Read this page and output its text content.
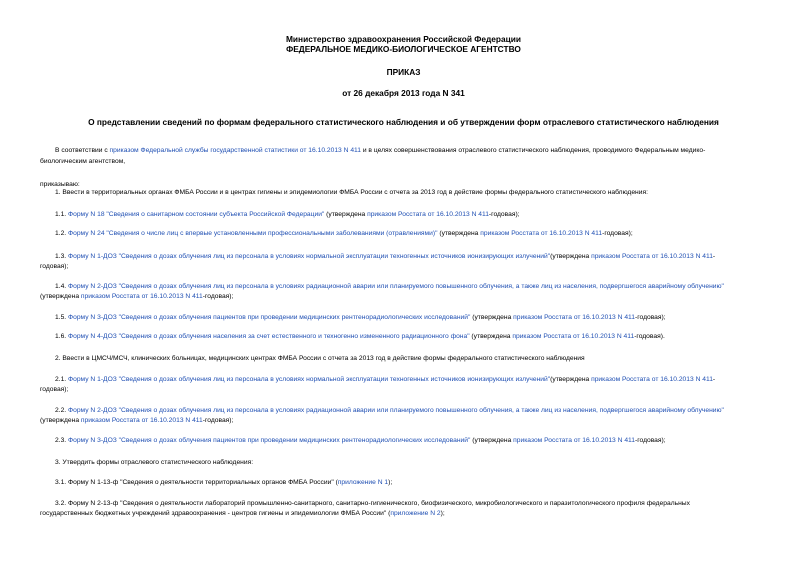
Министерство здравоохранения Российской Федерации
ФЕДЕРАЛЬНОЕ МЕДИКО-БИОЛОГИЧЕСКОЕ АГЕНТСТВО
ПРИКАЗ
от 26 декабря 2013 года N 341
О представлении сведений по формам федерального статистического наблюдения и об утверждении форм отраслевого статистического наблюдения
В соответствии с приказом Федеральной службы государственной статистики от 16.10.2013 N 411 и в целях совершенствования отраслевого статистического наблюдения, проводимого Федеральным медико-
биологическим агентством,
приказываю:
1. Ввести в территориальных органах ФМБА России и в центрах гигиены и эпидемиологии ФМБА России с отчета за 2013 год в действие формы федерального статистического наблюдения:
1.1. Форму N 18 "Сведения о санитарном состоянии субъекта Российской Федерации" (утверждена приказом Росстата от 16.10.2013 N 411-годовая);
1.2. Форму N 24 "Сведения о числе лиц с впервые установленными профессиональными заболеваниями (отравлениями)" (утверждена приказом Росстата от 16.10.2013 N 411-годовая);
1.3. Форму N 1-ДОЗ "Сведения о дозах облучения лиц из персонала в условиях нормальной эксплуатации техногенных источников ионизирующих излучений"(утверждена приказом Росстата от 16.10.2013 N 411-
годовая);
1.4. Форму N 2-ДОЗ "Сведения о дозах облучения лиц из персонала в условиях радиационной аварии или планируемого повышенного облучения, а также лиц из населения, подвергшегося аварийному облучению"
(утверждена приказом Росстата от 16.10.2013 N 411-годовая);
1.5. Форму N 3-ДОЗ "Сведения о дозах облучения пациентов при проведении медицинских рентгенорадиологических исследований" (утверждена приказом Росстата от 16.10.2013 N 411-годовая);
1.6. Форму N 4-ДОЗ "Сведения о дозах облучения населения за счет естественного и техногенно измененного радиационного фона" (утверждена приказом Росстата от 16.10.2013 N 411-годовая).
2. Ввести в ЦМСЧ/МСЧ, клинических больницах, медицинских центрах ФМБА России с отчета за 2013 год в действие формы федерального статистического наблюдения
2.1. Форму N 1-ДОЗ "Сведения о дозах облучения лиц из персонала в условиях нормальной эксплуатации техногенных источников ионизирующих излучений"(утверждена приказом Росстата от 16.10.2013 N 411-
годовая);
2.2. Форму N 2-ДОЗ "Сведения о дозах облучения лиц из персонала в условиях радиационной аварии или планируемого повышенного облучения, а также лиц из населения, подвергшегося аварийному облучению"
(утверждена приказом Росстата от 16.10.2013 N 411-годовая);
2.3. Форму N 3-ДОЗ "Сведения о дозах облучения пациентов при проведении медицинских рентгенорадиологических исследований" (утверждена приказом Росстата от 16.10.2013 N 411-годовая);
3. Утвердить формы отраслевого статистического наблюдения:
3.1. Форму N 1-13-ф "Сведения о деятельности территориальных органов ФМБА России" (приложение N 1);
3.2. Форму N 2-13-ф "Сведения о деятельности лабораторий промышленно-санитарного, санитарно-гигиенического, биофизического, микробиологического и паразитологического профиля федеральных
государственных бюджетных учреждений здравоохранения - центров гигиены и эпидемиологии ФМБА России" (приложение N 2);
